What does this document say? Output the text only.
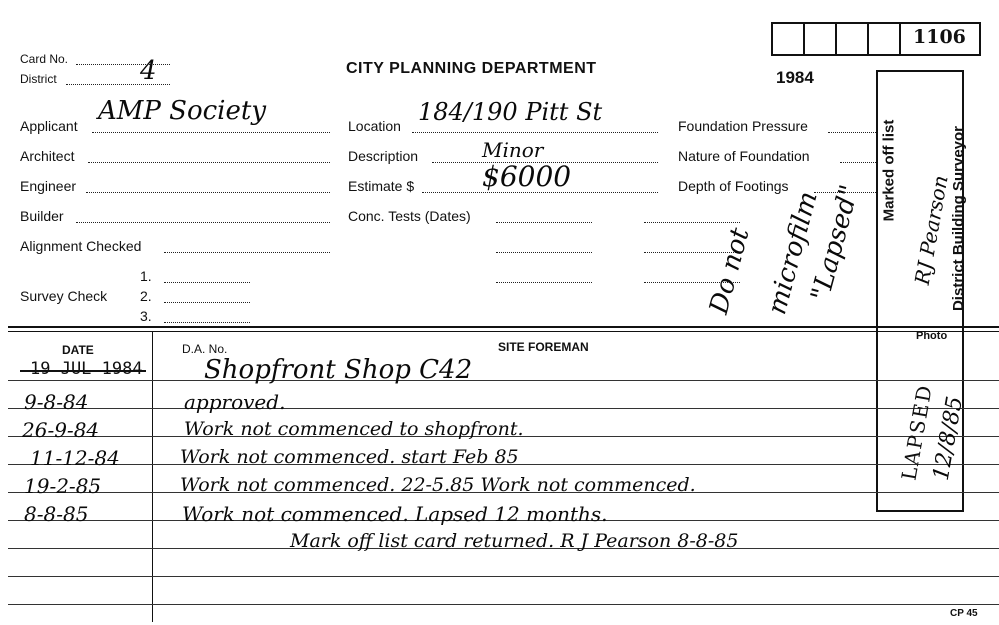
Card No.
District	4	CITY PLANNING DEPARTMENT	1984
1106
Applicant AMP Society
Architect
Engineer
Builder
Alignment Checked
Survey Check
1.
2.
3.
Location 184/190 Pitt St
Description	Minor
Estimate $ $6000
Conc. Tests (Dates)
Foundation Pressure
Nature of Foundation
Depth of Footings
Do not microfilm
"Lapsed"
Marked off list	District Building Surveyor
RJ Pearson
DATE	D.A. No.	SITE FOREMAN
Photo
19 JUL 1984 Shopfront Shop C42
9-8-84	approved.
26-9-84	Work not commenced to shopfront.
11-12-84	Work not commenced. start Feb 85
19-2-85	Work not commenced. 22-5.85 Work not commenced.
8-8-85	Work not commenced. Lapsed 12 months.
Mark off list card returned. R J Pearson 8-8-85
LAPSED
12/8/85
CP 45
